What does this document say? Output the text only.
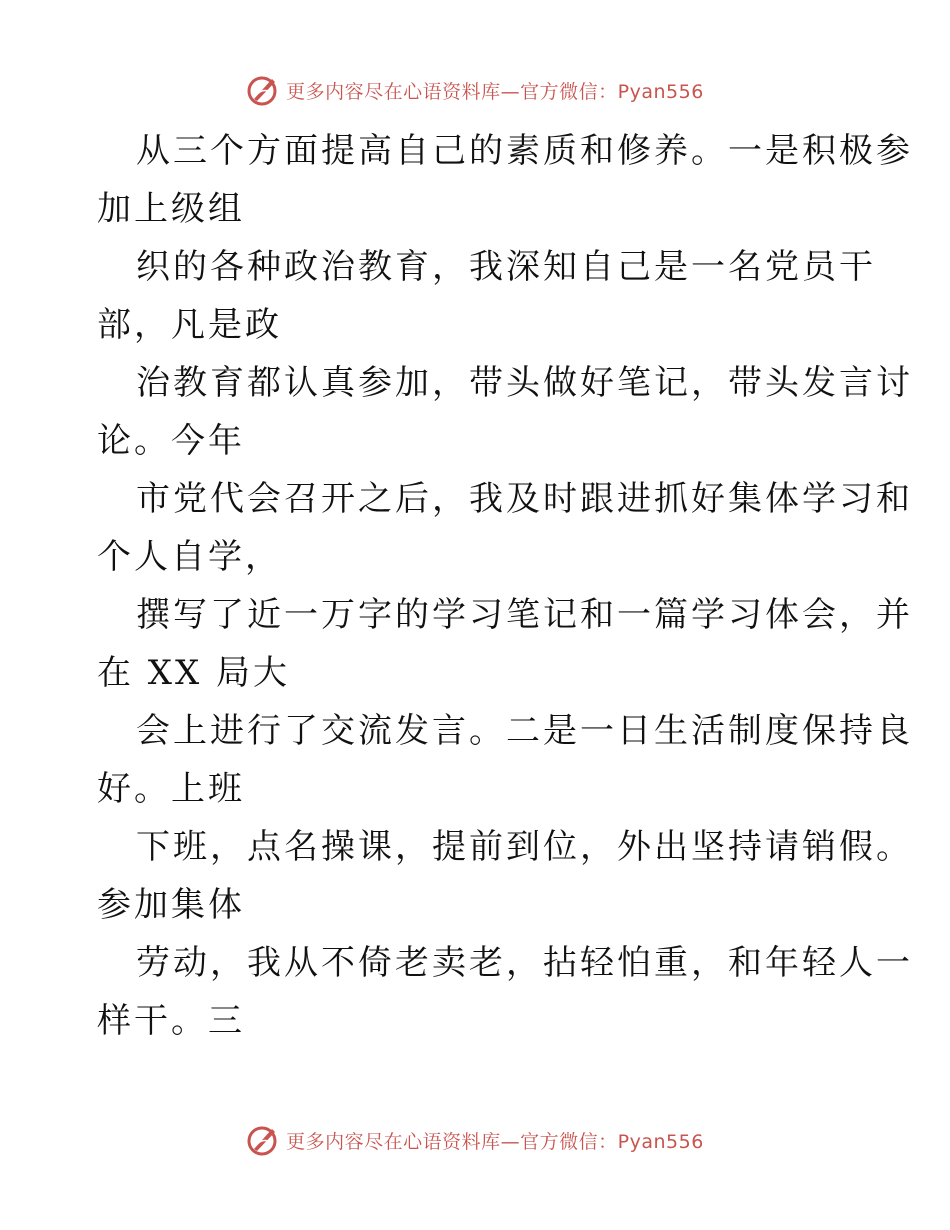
更多内容尽在心语资料库—官方微信：Pyan556
从三个方面提高自己的素质和修养。一是积极参
加上级组
织的各种政治教育，我深知自己是一名党员干
部，凡是政
治教育都认真参加，带头做好笔记，带头发言讨
论。今年
市党代会召开之后，我及时跟进抓好集体学习和
个人自学，
撰写了近一万字的学习笔记和一篇学习体会，并
在 XX 局大
会上进行了交流发言。二是一日生活制度保持良
好。上班
下班，点名操课，提前到位，外出坚持请销假。
参加集体
劳动，我从不倚老卖老，拈轻怕重，和年轻人一
样干。三
更多内容尽在心语资料库—官方微信：Pyan556
